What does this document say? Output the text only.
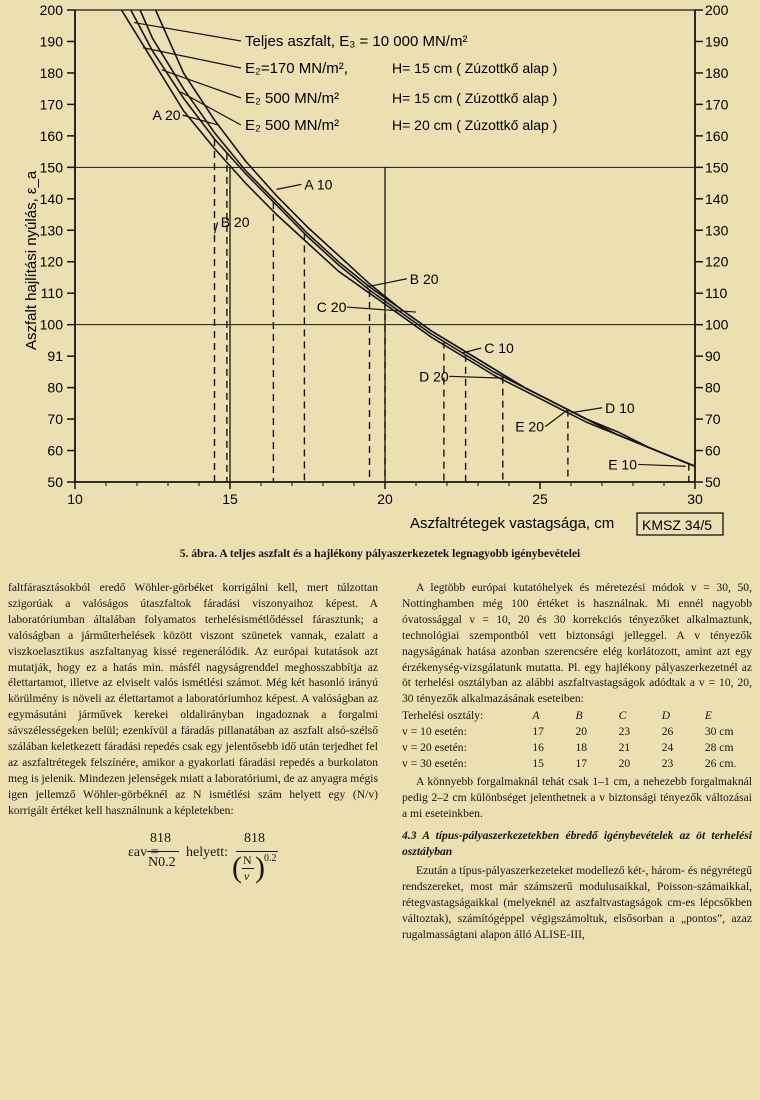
50
60
70
80
91
100
110
120
130
140
150
160
170
180
190
200
50
60
70
80
90
100
110
120
130
140
150
160
170
180
190
200
10	15	20	25	30
A 20
A 10
B 20
B 20
C 20
C 10
D 20
D 10
E 20
E 10
Teljes aszfalt, E₃ = 10 000 MN/m²
E₂=170 MN/m²,	H= 15 cm ( Zúzottkő alap )
E₂ 500 MN/m²	H= 15 cm ( Zúzottkő alap )
E₂ 500 MN/m²	H= 20 cm ( Zúzottkő alap )
Aszfaltrétegek vastagsága, cm
Aszfalt hajlítási nyúlás, ε_a
KMSZ 34/5
5. ábra. A teljes aszfalt és a hajlékony pályaszerkezetek legnagyobb igénybevételei

faltfárasztásokból eredő Wöhler-görbéket korrigálni kell, mert túlzottan szigorúak a valóságos útaszfaltok fáradási viszonyaihoz képest. A laboratóriumban általában folyamatos terhelésismétlődéssel fárasztunk; a valóságban a járműterhelések között viszont szünetek vannak, ezalatt a viszkoelasztikus aszfaltanyag kissé regenerálódik. Az európai kutatások azt mutatják, hogy ez a hatás min. másfél nagyságrenddel meghosszabbítja az élettartamot, illetve az elviselt valós ismétlési számot. Még két hasonló irányú körülmény is növeli az élettartamot a laboratóriumhoz képest. A valóságban az egymásutáni járművek kerekei oldalirányban ingadoznak a forgalmi sávszélességeken belül; ezenkívül a fáradás pillanatában az aszfalt alsó-szélső szálában keletkezett fáradási repedés csak egy jelentősebb idő után terjedhet fel az aszfaltrétegek felszínére, amikor a gyakorlati fáradási repedés a burkolaton meg is jelenik. Mindezen jelenségek miatt a laboratóriumi, de az anyagra mégis igen jellemző Wöhler-görbéknél az N ismétlési szám helyett egy (N/v) korrigált értéket kell használnunk a képletekben:

εav =
818
N0.2
helyett:
818
( N
v ) 0.2

A legtöbb európai kutatóhelyek és méretezési módok v = 30, 50, Nottinghamben még 100 értéket is használnak. Mi ennél nagyobb óvatossággal v = 10, 20 és 30 korrekciós tényezőket alkalmaztunk, technológiai szempontból vett biztonsági jelleggel. A v tényezők nagyságának hatása azonban szerencsére elég korlátozott, amint azt egy érzékenység-vizsgálatunk mutatta. Pl. egy hajlékony pályaszerkezetnél az öt terhelési osztályban az alábbi aszfaltvastagságok adódtak a v = 10, 20, 30 tényezők alkalmazásának eseteiben:

Terhelési osztály:	A	B	C	D	E
v = 10 esetén:	17	20	23	26	30 cm
v = 20 esetén:	16	18	21	24	28 cm
v = 30 esetén:	15	17	20	23	26 cm.

A könnyebb forgalmaknál tehát csak 1–1 cm, a nehezebb forgalmaknál pedig 2–2 cm különbséget jelenthetnek a v biztonsági tényezők változásai a mi eseteinkben.

4.3 A típus-pályaszerkezetekben ébredő igénybevételek az öt terhelési osztályban

Ezután a típus-pályaszerkezeteket modellező két-, három- és négyrétegű rendszereket, most már számszerű modulusaikkal, Poisson-számaikkal, rétegvastagságaikkal (melyeknél az aszfaltvastagságok cm-es lépcsőkben változtak), számítógéppel végigszámoltuk, elsősorban a „pontos”, azaz rugalmasságtani alapon álló ALISE-III,
